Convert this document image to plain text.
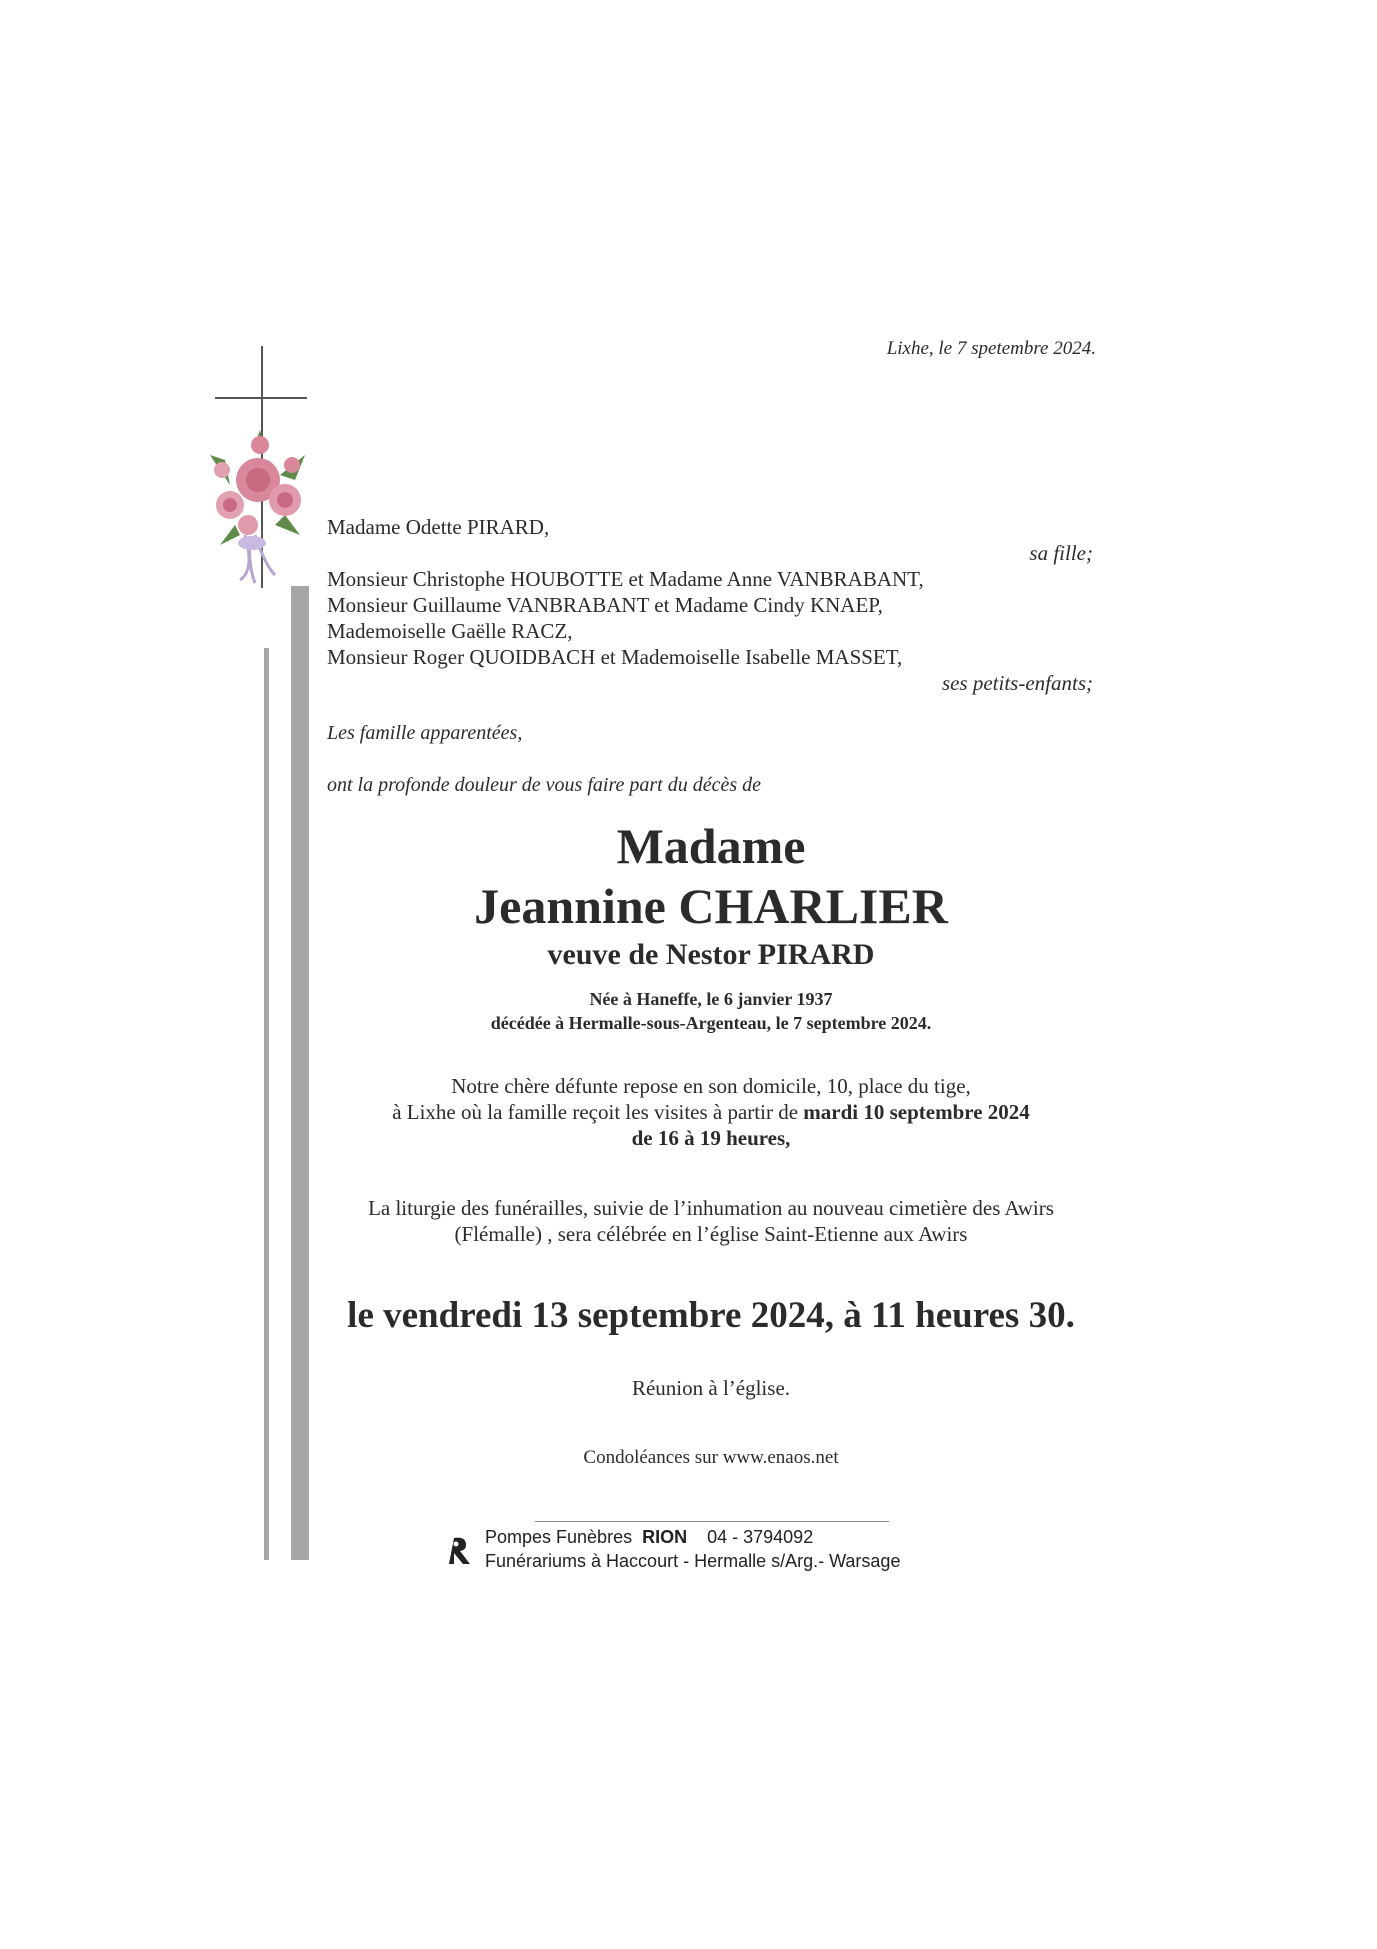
Lixhe, le 7 spetembre 2024.
Madame Odette PIRARD,
sa fille;
Monsieur Christophe HOUBOTTE et Madame Anne VANBRABANT,
Monsieur Guillaume VANBRABANT et Madame Cindy KNAEP,
Mademoiselle Gaëlle RACZ,
Monsieur Roger QUOIDBACH et Mademoiselle Isabelle MASSET,
ses petits-enfants;
Les famille apparentées,
ont la profonde douleur de vous faire part du décès de
Madame
Jeannine CHARLIER
veuve de Nestor PIRARD
Née à Haneffe, le 6 janvier 1937
décédée à Hermalle-sous-Argenteau, le 7 septembre 2024.
Notre chère défunte repose en son domicile, 10, place du tige,
à Lixhe où la famille reçoit les visites à partir de mardi 10 septembre 2024
de 16 à 19 heures,
La liturgie des funérailles, suivie de l’inhumation au nouveau cimetière des Awirs
(Flémalle) , sera célébrée en l’église Saint-Etienne aux Awirs
le vendredi 13 septembre 2024, à 11 heures 30.
Réunion à l’église.
Condoléances sur www.enaos.net
Pompes Funèbres RION 04 - 3794092
Funérariums à Haccourt - Hermalle s/Arg.- Warsage
